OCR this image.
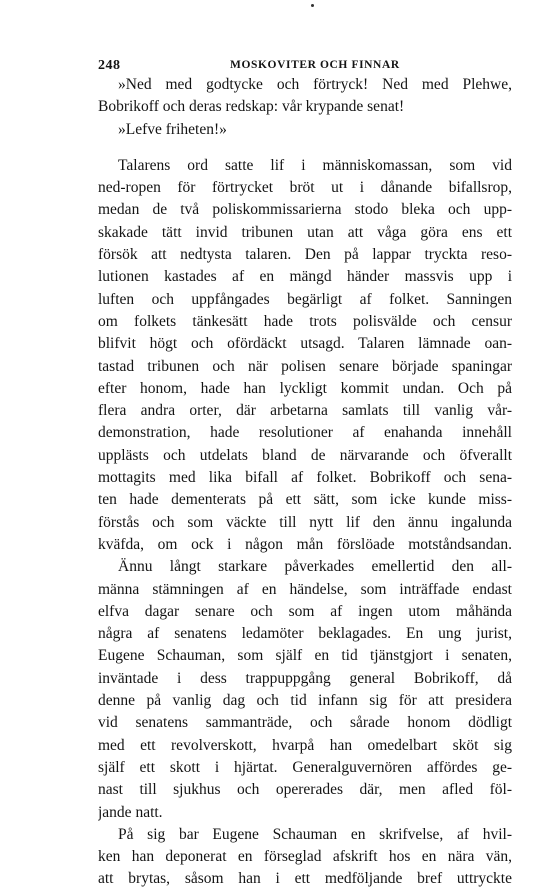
248	MOSKOVITER OCH FINNAR
»Ned med godtycke och förtryck! Ned med Plehwe,
Bobrikoff och deras redskap: vår krypande senat!
»Lefve friheten!»
Talarens ord satte lif i människomassan, som vid
ned-ropen för förtrycket bröt ut i dånande bifallsrop,
medan de två poliskommissarierna stodo bleka och upp-
skakade tätt invid tribunen utan att våga göra ens ett
försök att nedtysta talaren. Den på lappar tryckta reso-
lutionen kastades af en mängd händer massvis upp i
luften och uppfångades begärligt af folket. Sanningen
om folkets tänkesätt hade trots polisvälde och censur
blifvit högt och ofördäckt utsagd. Talaren lämnade oan-
tastad tribunen och när polisen senare började spaningar
efter honom, hade han lyckligt kommit undan. Och på
flera andra orter, där arbetarna samlats till vanlig vår-
demonstration, hade resolutioner af enahanda innehåll
upplästs och utdelats bland de närvarande och öfverallt
mottagits med lika bifall af folket. Bobrikoff och sena-
ten hade dementerats på ett sätt, som icke kunde miss-
förstås och som väckte till nytt lif den ännu ingalunda
kväfda, om ock i någon mån förslöade motståndsandan.
Ännu långt starkare påverkades emellertid den all-
männa stämningen af en händelse, som inträffade endast
elfva dagar senare och som af ingen utom måhända
några af senatens ledamöter beklagades. En ung jurist,
Eugene Schauman, som själf en tid tjänstgjort i senaten,
inväntade i dess trappuppgång general Bobrikoff, då
denne på vanlig dag och tid infann sig för att presidera
vid senatens sammanträde, och sårade honom dödligt
med ett revolverskott, hvarpå han omedelbart sköt sig
själf ett skott i hjärtat. Generalguvernören affördes ge-
nast till sjukhus och opererades där, men afled föl-
jande natt.
På sig bar Eugene Schauman en skrifvelse, af hvil-
ken han deponerat en förseglad afskrift hos en nära vän,
att brytas, såsom han i ett medföljande bref uttryckte
